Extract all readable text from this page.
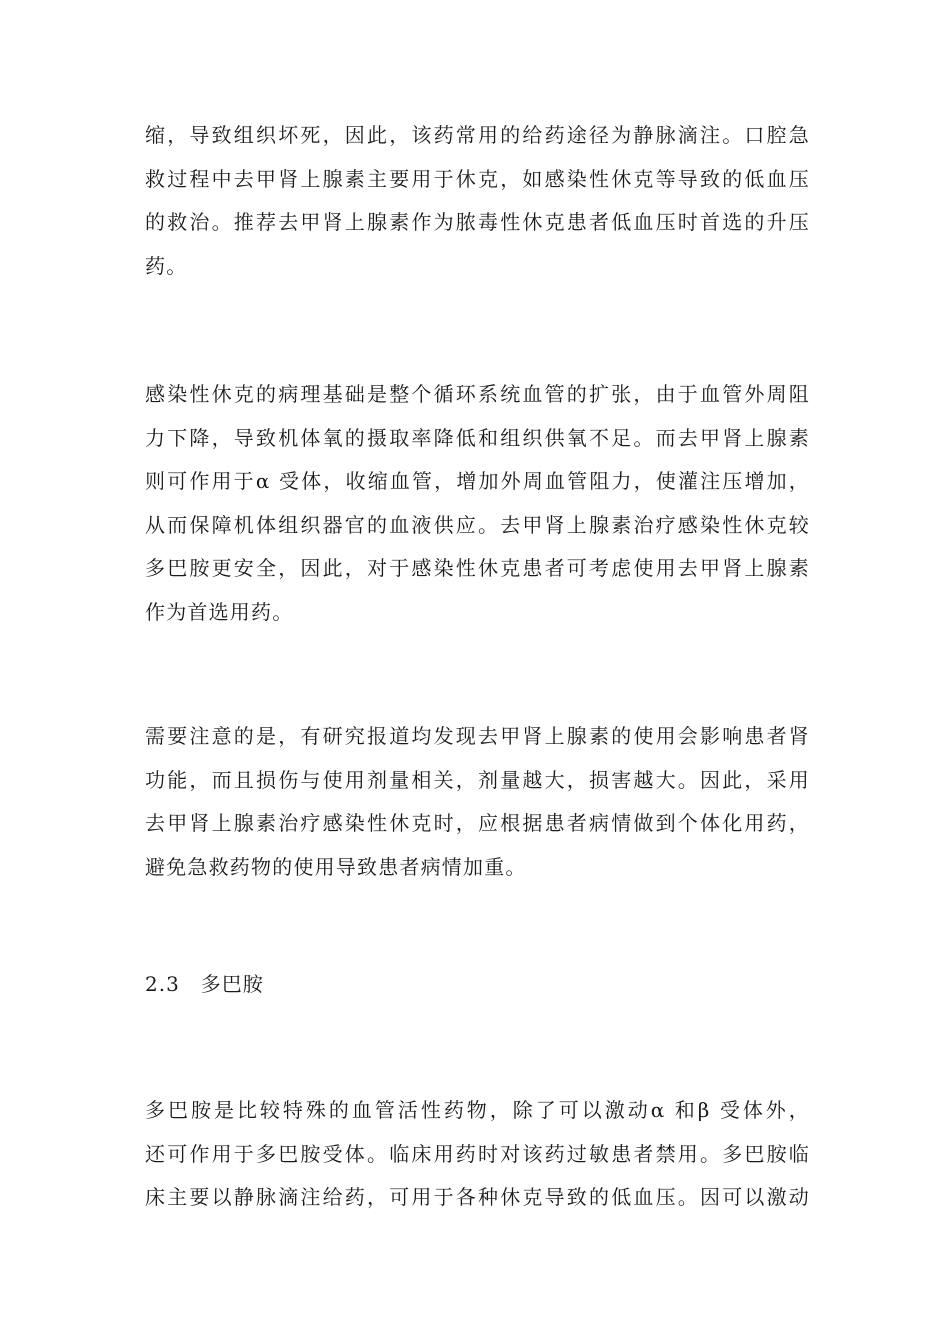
缩，导致组织坏死，因此，该药常用的给药途径为静脉滴注。口腔急
救过程中去甲肾上腺素主要用于休克，如感染性休克等导致的低血压
的救治。推荐去甲肾上腺素作为脓毒性休克患者低血压时首选的升压
药。
感染性休克的病理基础是整个循环系统血管的扩张，由于血管外周阻
力下降，导致机体氧的摄取率降低和组织供氧不足。而去甲肾上腺素
则可作用于α 受体，收缩血管，增加外周血管阻力，使灌注压增加，
从而保障机体组织器官的血液供应。去甲肾上腺素治疗感染性休克较
多巴胺更安全，因此，对于感染性休克患者可考虑使用去甲肾上腺素
作为首选用药。
需要注意的是，有研究报道均发现去甲肾上腺素的使用会影响患者肾
功能，而且损伤与使用剂量相关，剂量越大，损害越大。因此，采用
去甲肾上腺素治疗感染性休克时，应根据患者病情做到个体化用药，
避免急救药物的使用导致患者病情加重。
2.3　多巴胺
多巴胺是比较特殊的血管活性药物，除了可以激动α 和β 受体外，
还可作用于多巴胺受体。临床用药时对该药过敏患者禁用。多巴胺临
床主要以静脉滴注给药，可用于各种休克导致的低血压。因可以激动
